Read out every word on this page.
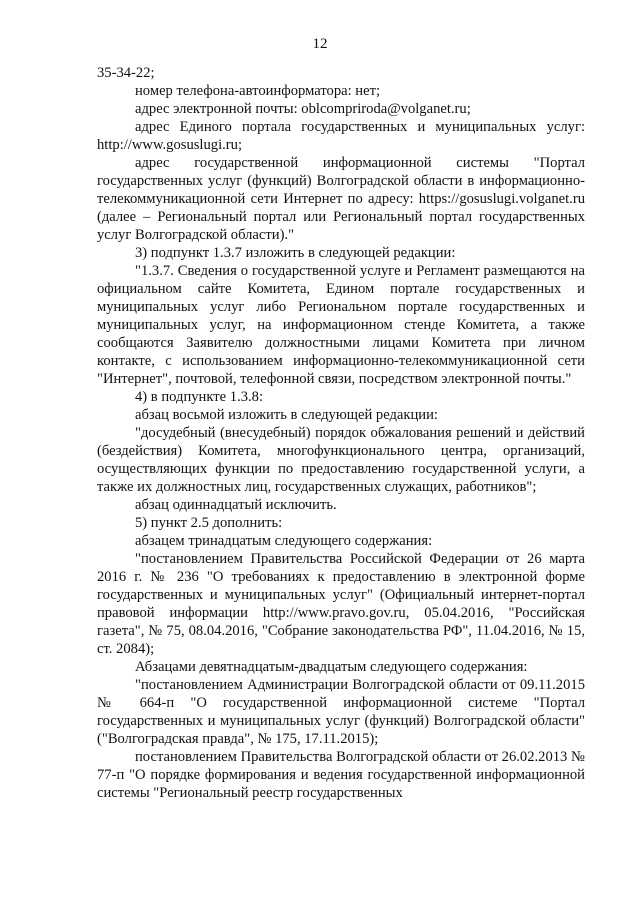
12

35-34-22;

номер телефона-автоинформатора: нет;

адрес электронной почты: oblcomprirodа@volganet.ru;

адрес Единого портала государственных и муниципальных услуг: http://www.gosuslugi.ru;

адрес государственной информационной системы "Портал государственных услуг (функций) Волгоградской области в информационно-телекоммуникационной сети Интернет по адресу: https://gosuslugi.volganet.ru (далее – Региональный портал или Региональный портал государственных услуг Волгоградской области)."

3) подпункт 1.3.7 изложить в следующей редакции:

"1.3.7. Сведения о государственной услуге и Регламент размещаются на официальном сайте Комитета, Едином портале государственных и муниципальных услуг либо Региональном портале государственных и муниципальных услуг, на информационном стенде Комитета, а также сообщаются Заявителю должностными лицами Комитета при личном контакте, с использованием информационно-телекоммуникационной сети "Интернет", почтовой, телефонной связи, посредством электронной почты."

4) в подпункте 1.3.8:

абзац восьмой изложить в следующей редакции:

"досудебный (внесудебный) порядок обжалования решений и действий (бездействия) Комитета, многофункционального центра, организаций, осуществляющих функции по предоставлению государственной услуги, а также их должностных лиц, государственных служащих, работников";

абзац одиннадцатый исключить.

5) пункт 2.5 дополнить:

абзацем тринадцатым следующего содержания:

"постановлением Правительства Российской Федерации от 26 марта 2016 г. № 236 "О требованиях к предоставлению в электронной форме государственных и муниципальных услуг" (Официальный интернет-портал правовой информации http://www.pravo.gov.ru, 05.04.2016, "Российская газета", № 75, 08.04.2016, "Собрание законодательства РФ", 11.04.2016, № 15, ст. 2084);

Абзацами девятнадцатым-двадцатым следующего содержания:

"постановлением Администрации Волгоградской области от 09.11.2015 № 664-п "О государственной информационной системе "Портал государственных и муниципальных услуг (функций) Волгоградской области" ("Волгоградская правда", № 175, 17.11.2015);

постановлением Правительства Волгоградской области от 26.02.2013 № 77-п "О порядке формирования и ведения государственной информационной системы "Региональный реестр государственных
